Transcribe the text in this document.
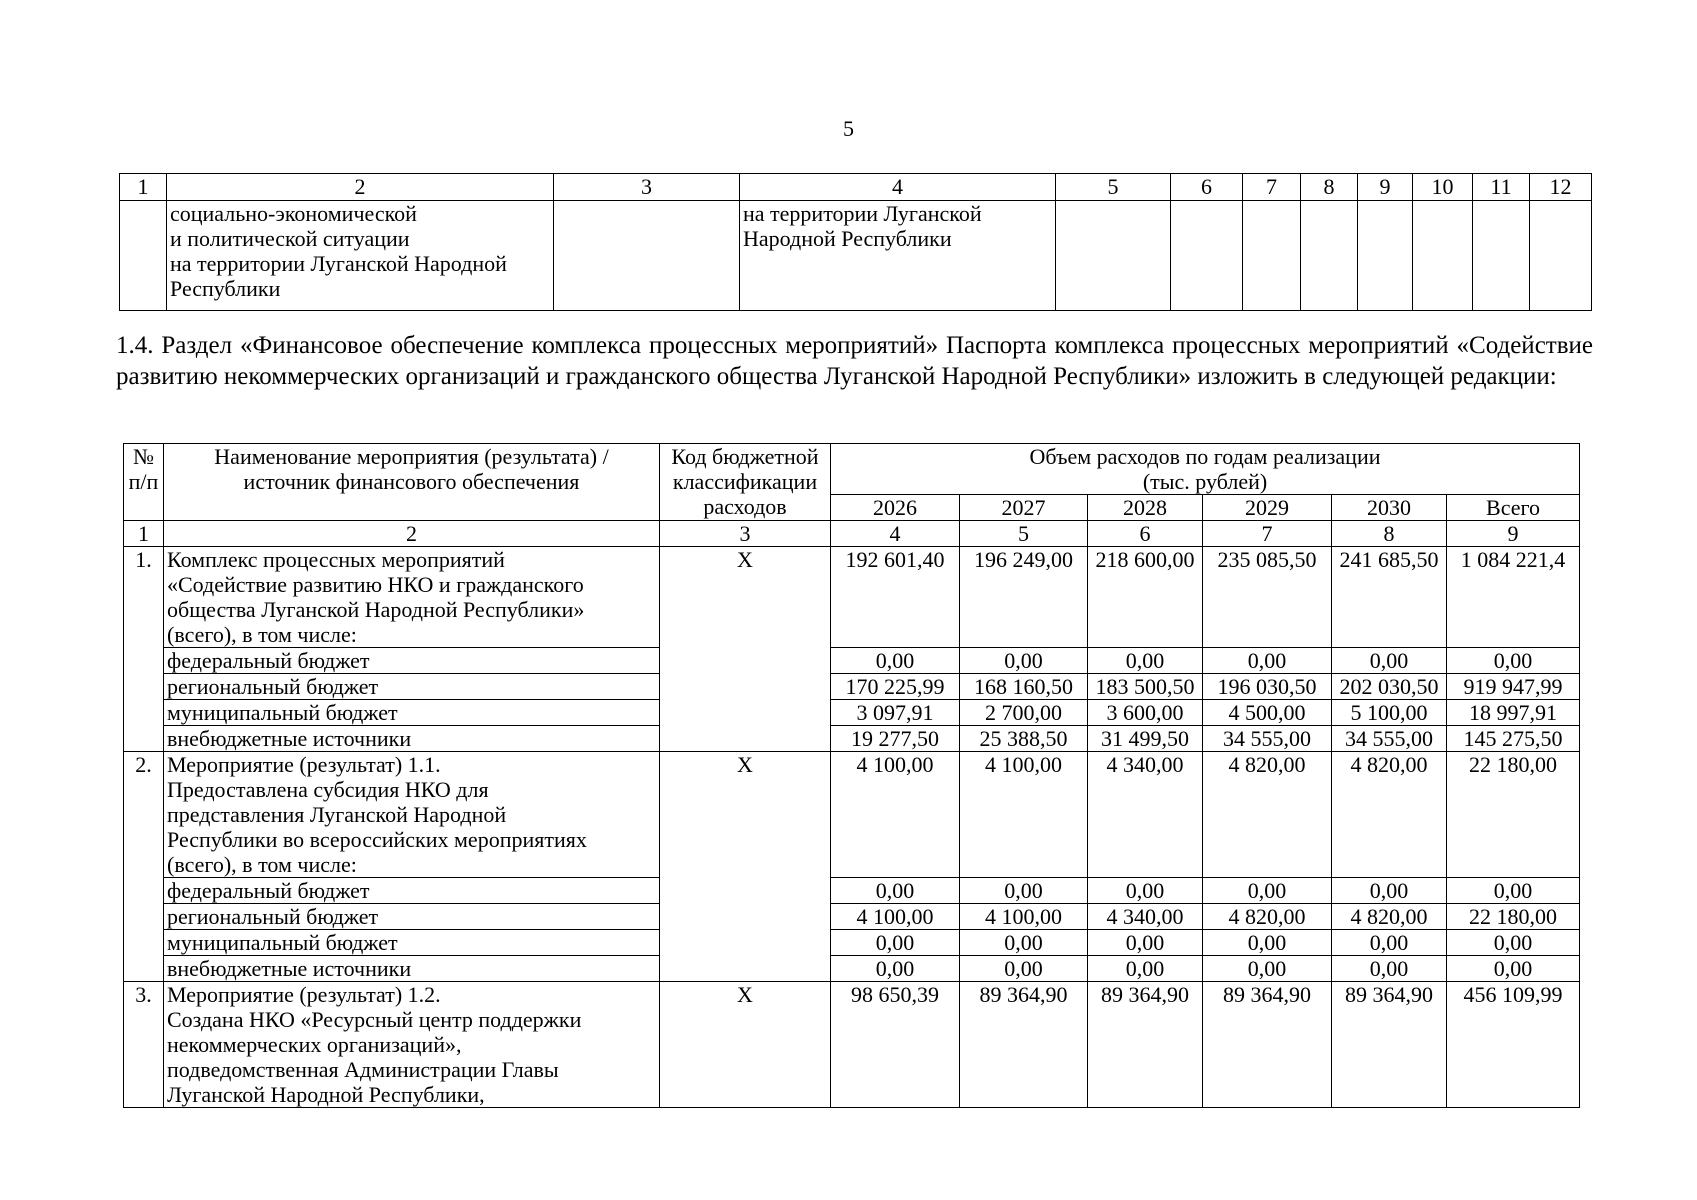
5
1	2	3	4	5	6	7	8	9	10	11	12
	социально-экономической
и политической ситуации
на территории Луганской Народной
Республики		на территории Луганской
Народной Республики								
1.4. Раздел «Финансовое обеспечение комплекса процессных мероприятий» Паспорта комплекса процессных мероприятий «Содействие развитию некоммерческих организаций и гражданского общества Луганской Народной Республики» изложить в следующей редакции:
№
п/п	Наименование мероприятия (результата) /
источник финансового обеспечения	Код бюджетной
классификации
расходов	Объем расходов по годам реализации
(тыс. рублей)					
			2026	2027	2028	2029	2030	Всего
1	2	3	4	5	6	7	8	9
1.	Комплекс процессных мероприятий
«Содействие развитию НКО и гражданского
общества Луганской Народной Республики»
(всего), в том числе:	X	192 601,40	196 249,00	218 600,00	235 085,50	241 685,50	1 084 221,4
	федеральный бюджет		0,00	0,00	0,00	0,00	0,00	0,00
	региональный бюджет		170 225,99	168 160,50	183 500,50	196 030,50	202 030,50	919 947,99
	муниципальный бюджет		3 097,91	2 700,00	3 600,00	4 500,00	5 100,00	18 997,91
	внебюджетные источники		19 277,50	25 388,50	31 499,50	34 555,00	34 555,00	145 275,50
2.	Мероприятие (результат) 1.1.
Предоставлена субсидия НКО для
представления Луганской Народной
Республики во всероссийских мероприятиях
(всего), в том числе:	X	4 100,00	4 100,00	4 340,00	4 820,00	4 820,00	22 180,00
	федеральный бюджет		0,00	0,00	0,00	0,00	0,00	0,00
	региональный бюджет		4 100,00	4 100,00	4 340,00	4 820,00	4 820,00	22 180,00
	муниципальный бюджет		0,00	0,00	0,00	0,00	0,00	0,00
	внебюджетные источники		0,00	0,00	0,00	0,00	0,00	0,00
3.	Мероприятие (результат) 1.2.
Создана НКО «Ресурсный центр поддержки
некоммерческих организаций»,
подведомственная Администрации Главы
Луганской Народной Республики,	X	98 650,39	89 364,90	89 364,90	89 364,90	89 364,90	456 109,99
